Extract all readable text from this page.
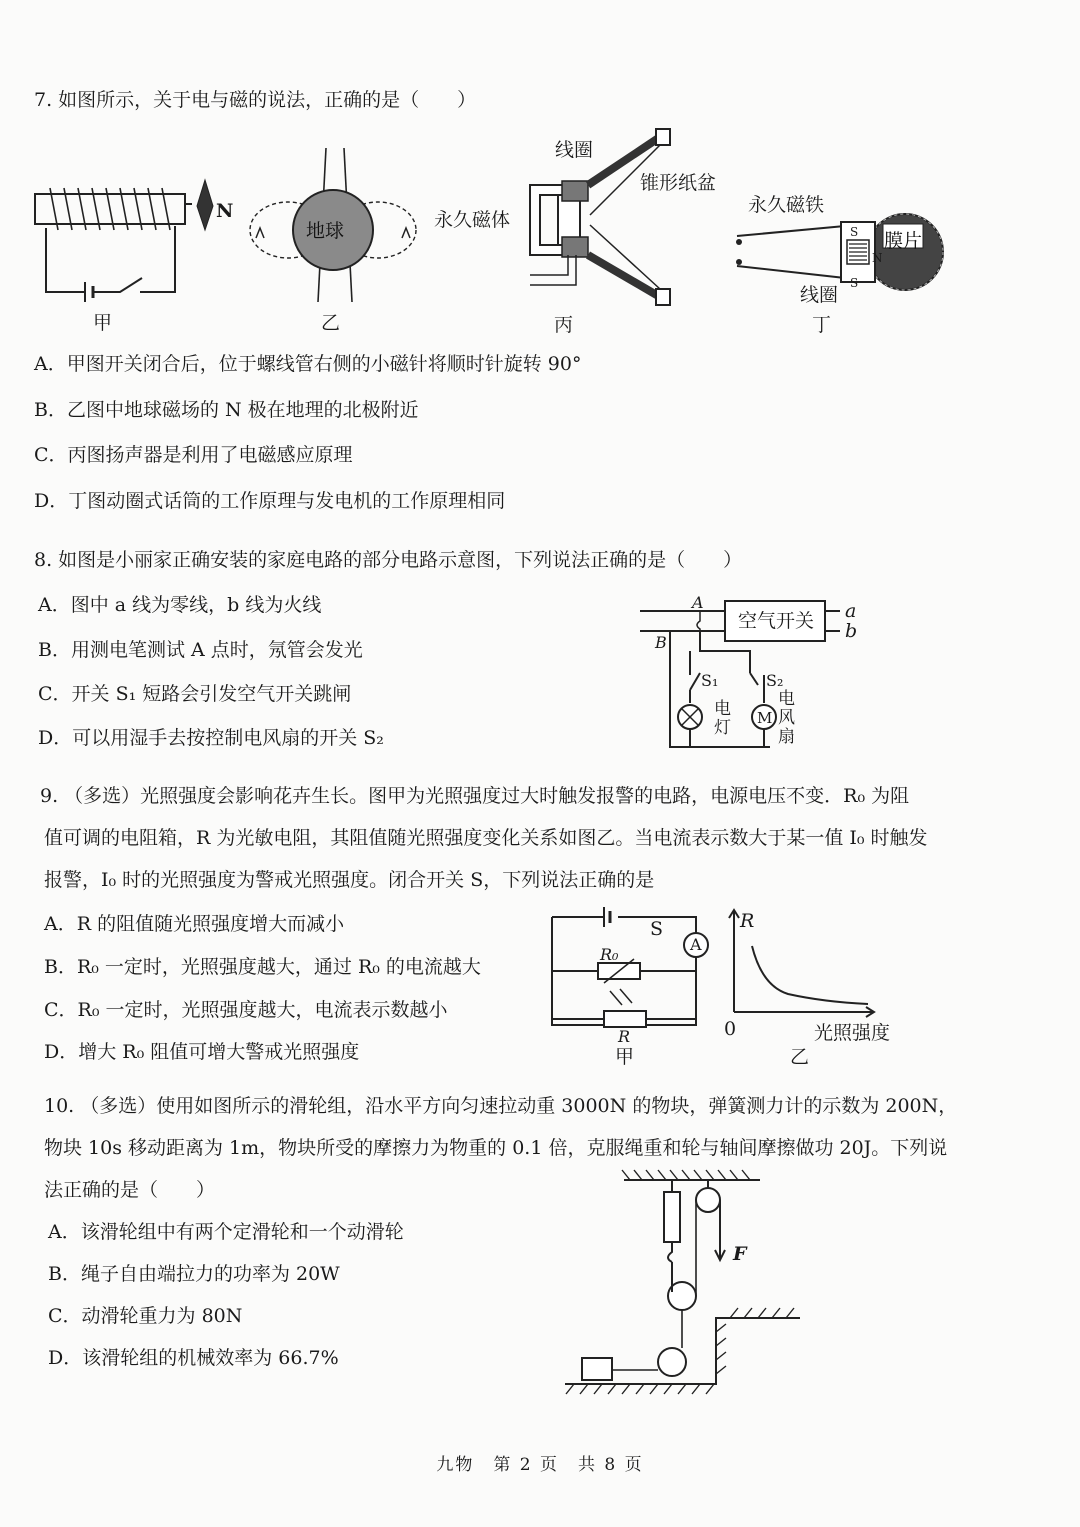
7. 如图所示，关于电与磁的说法，正确的是（　　）
N
甲
地球
乙
线圈
锥形纸盆
永久磁体
丙
永久磁铁
S
N
S
膜片
线圈
丁
A．甲图开关闭合后，位于螺线管右侧的小磁针将顺时针旋转 90°
B．乙图中地球磁场的 N 极在地理的北极附近
C．丙图扬声器是利用了电磁感应原理
D．丁图动圈式话筒的工作原理与发电机的工作原理相同
8. 如图是小丽家正确安装的家庭电路的部分电路示意图，下列说法正确的是（　　）
A．图中 a 线为零线，b 线为火线
B．用测电笔测试 A 点时，氖管会发光
C．开关 S₁ 短路会引发空气开关跳闸
D．可以用湿手去按控制电风扇的开关 S₂
A
B
空气开关 a
b
S₁	S₂
M
电灯
电风扇
9. （多选）光照强度会影响花卉生长。图甲为光照强度过大时触发报警的电路，电源电压不变．R₀ 为阻
值可调的电阻箱，R 为光敏电阻，其阻值随光照强度变化关系如图乙。当电流表示数大于某一值 I₀ 时触发
报警，I₀ 时的光照强度为警戒光照强度。闭合开关 S，下列说法正确的是
A．R 的阻值随光照强度增大而减小
B．R₀ 一定时，光照强度越大，通过 R₀ 的电流越大
C．R₀ 一定时，光照强度越大，电流表示数越小
D．增大 R₀ 阻值可增大警戒光照强度
S
A
R₀
R
甲
R
0	光照强度
乙
10. （多选）使用如图所示的滑轮组，沿水平方向匀速拉动重 3000N 的物块，弹簧测力计的示数为 200N，
物块 10s 移动距离为 1m，物块所受的摩擦力为物重的 0.1 倍，克服绳重和轮与轴间摩擦做功 20J。下列说
法正确的是（　　）
A．该滑轮组中有两个定滑轮和一个动滑轮
B．绳子自由端拉力的功率为 20W
C．动滑轮重力为 80N
D．该滑轮组的机械效率为 66.7%
F
九物　第 2 页　共 8 页
